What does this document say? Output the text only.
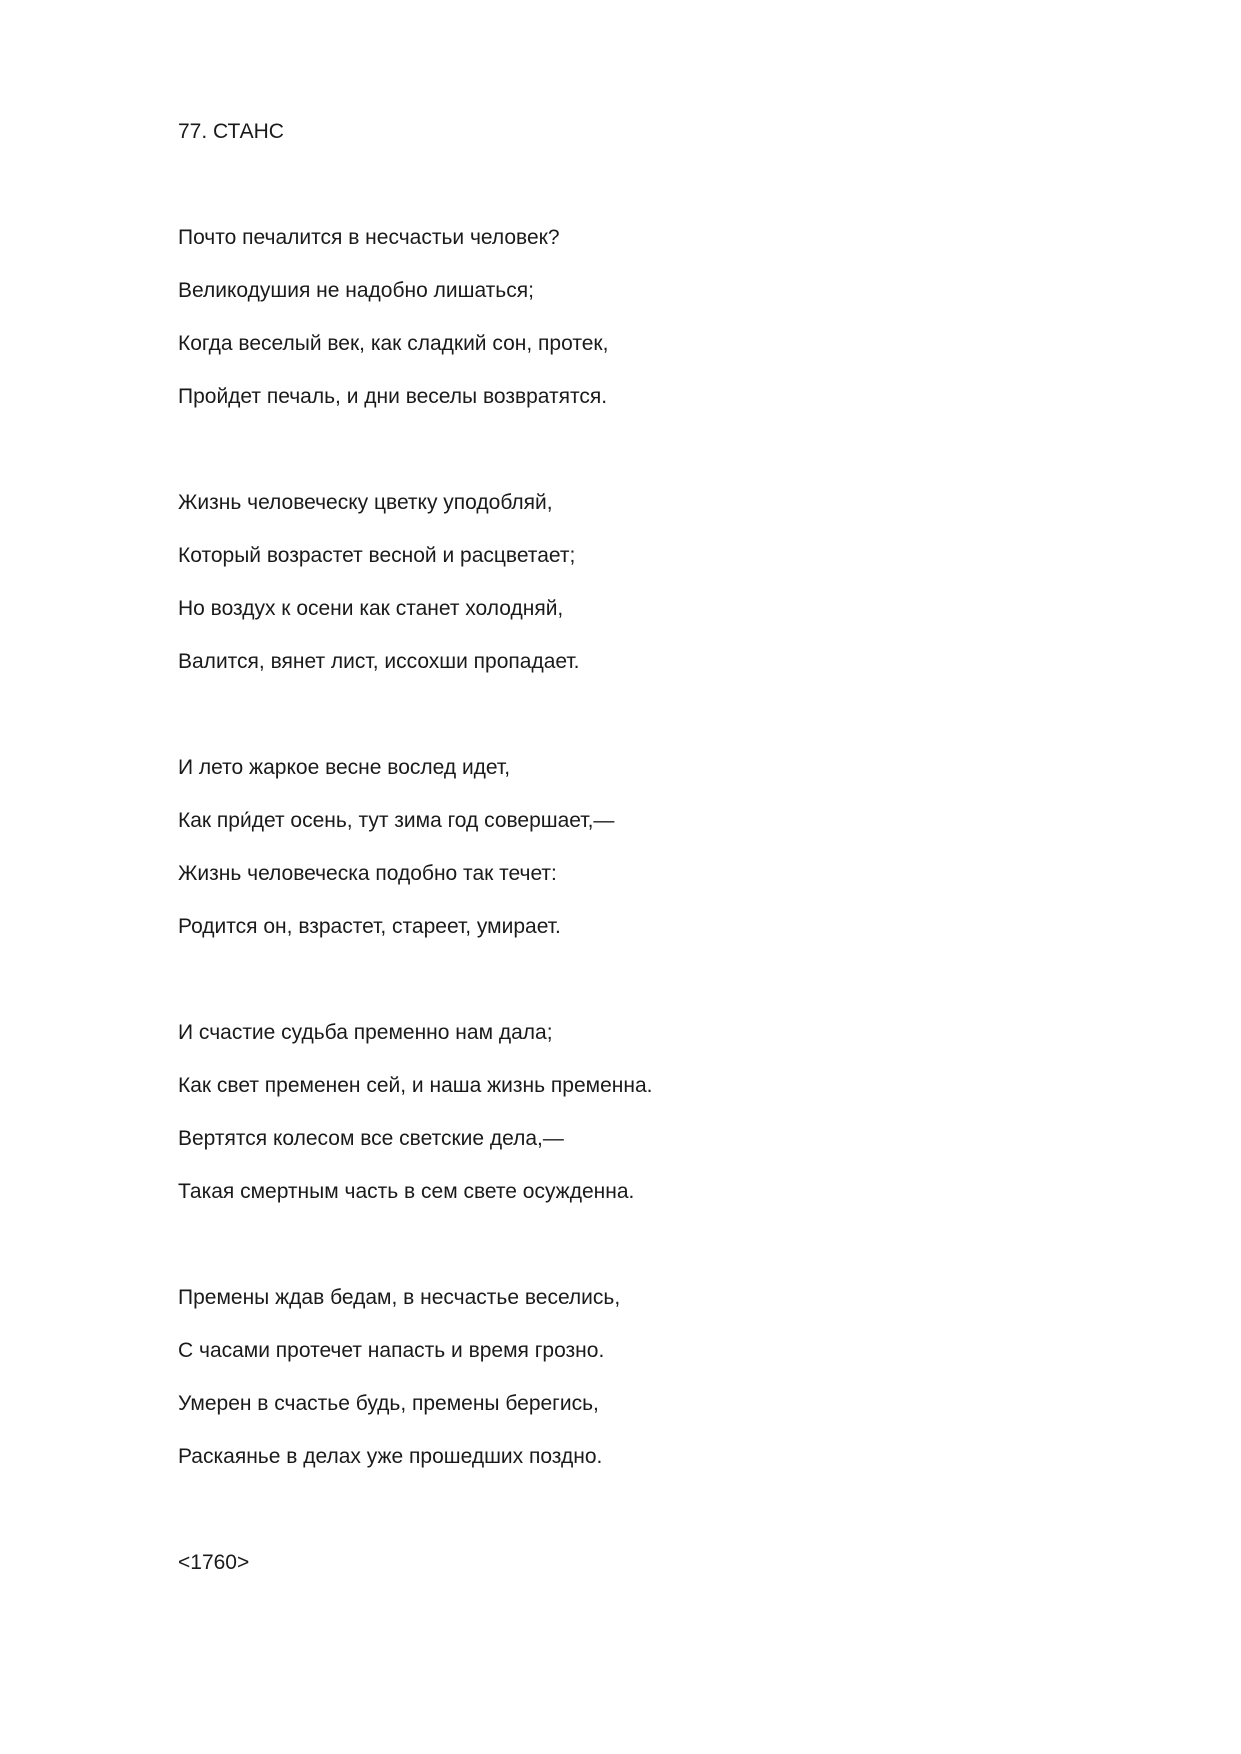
77. СТАНС

Почто печалится в несчастьи человек?

Великодушия не надобно лишаться;

Когда веселый век, как сладкий сон, протек,

Пройдет печаль, и дни веселы возвратятся.

Жизнь человеческу цветку уподобляй,

Который возрастет весной и расцветает;

Но воздух к осени как станет холодняй,

Валится, вянет лист, иссохши пропадает.

И лето жаркое весне вослед идет,

Как при́дет осень, тут зима год совершает,—

Жизнь человеческа подобно так течет:

Родится он, взрастет, стареет, умирает.

И счастие судьба пременно нам дала;

Как свет пременен сей, и наша жизнь пременна.

Вертятся колесом все светские дела,—

Такая смертным часть в сем свете осужденна.

Премены ждав бедам, в несчастье веселись,

С часами протечет напасть и время грозно.

Умерен в счастье будь, премены берегись,

Раскаянье в делах уже прошедших поздно.

<1760>
